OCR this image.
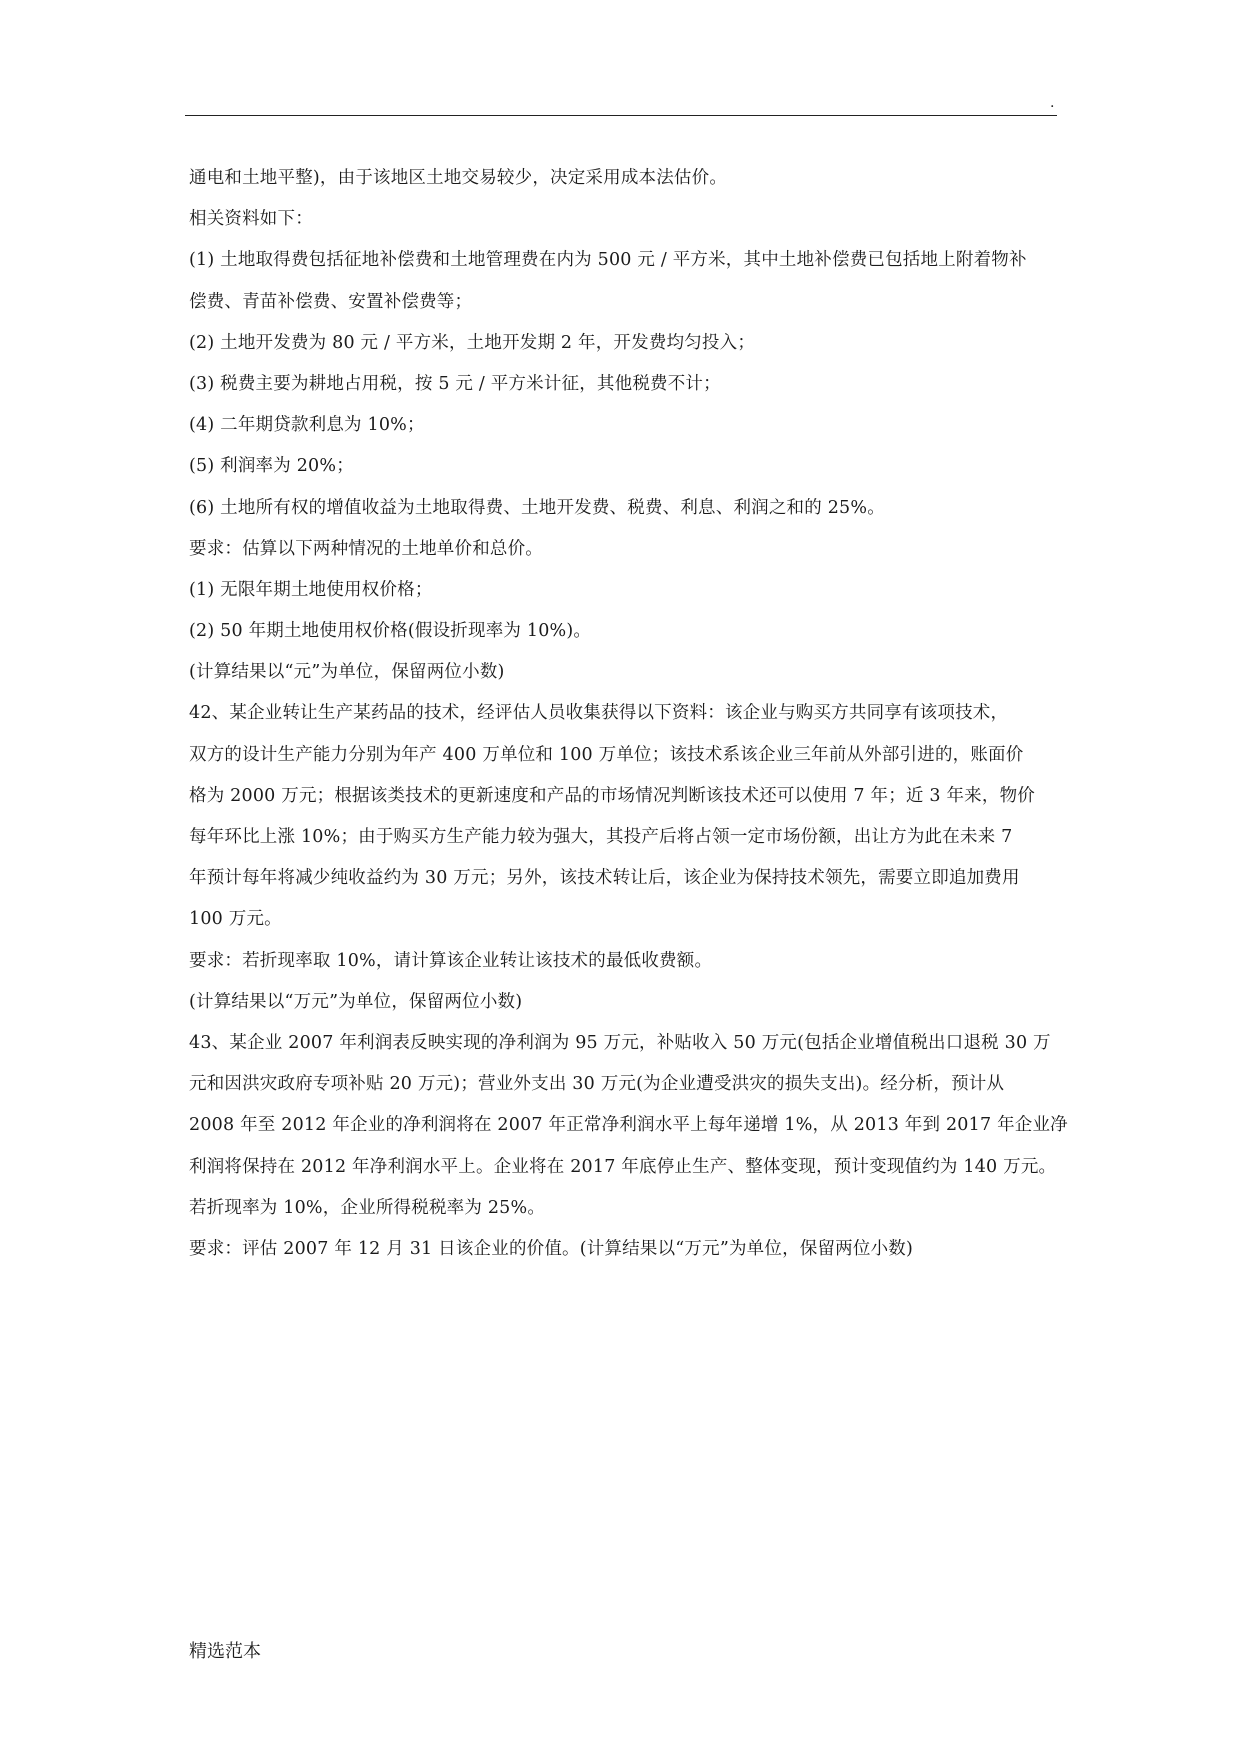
.
通电和土地平整)，由于该地区土地交易较少，决定采用成本法估价。
相关资料如下：
(1) 土地取得费包括征地补偿费和土地管理费在内为 500 元 / 平方米，其中土地补偿费已包括地上附着物补
偿费、青苗补偿费、安置补偿费等；
(2) 土地开发费为 80 元 / 平方米，土地开发期 2 年，开发费均匀投入；
(3) 税费主要为耕地占用税，按 5 元 / 平方米计征，其他税费不计；
(4) 二年期贷款利息为 10%；
(5) 利润率为 20%；
(6) 土地所有权的增值收益为土地取得费、土地开发费、税费、利息、利润之和的 25%。
要求：估算以下两种情况的土地单价和总价。
(1) 无限年期土地使用权价格；
(2) 50 年期土地使用权价格(假设折现率为 10%)。
(计算结果以“元”为单位，保留两位小数)
42、某企业转让生产某药品的技术，经评估人员收集获得以下资料：该企业与购买方共同享有该项技术，
双方的设计生产能力分别为年产 400 万单位和 100 万单位；该技术系该企业三年前从外部引进的，账面价
格为 2000 万元；根据该类技术的更新速度和产品的市场情况判断该技术还可以使用 7 年；近 3 年来，物价
每年环比上涨 10%；由于购买方生产能力较为强大，其投产后将占领一定市场份额，出让方为此在未来 7
年预计每年将减少纯收益约为 30 万元；另外，该技术转让后，该企业为保持技术领先，需要立即追加费用
100 万元。
要求：若折现率取 10%，请计算该企业转让该技术的最低收费额。
(计算结果以“万元”为单位，保留两位小数)
43、某企业 2007 年利润表反映实现的净利润为 95 万元，补贴收入 50 万元(包括企业增值税出口退税 30 万
元和因洪灾政府专项补贴 20 万元)；营业外支出 30 万元(为企业遭受洪灾的损失支出)。经分析，预计从
2008 年至 2012 年企业的净利润将在 2007 年正常净利润水平上每年递增 1%，从 2013 年到 2017 年企业净
利润将保持在 2012 年净利润水平上。企业将在 2017 年底停止生产、整体变现，预计变现值约为 140 万元。
若折现率为 10%，企业所得税税率为 25%。
要求：评估 2007 年 12 月 31 日该企业的价值。(计算结果以“万元”为单位，保留两位小数)
精选范本
